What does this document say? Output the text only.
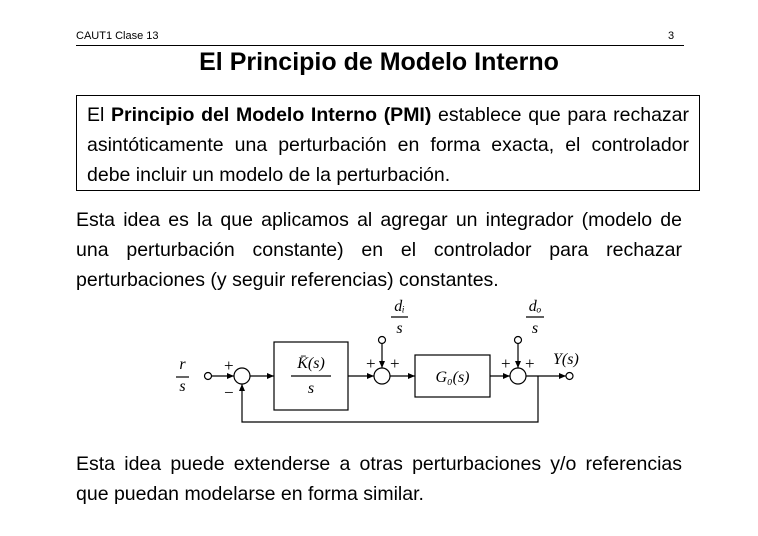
CAUT1 Clase 13	3
El Principio de Modelo Interno
El Principio del Modelo Interno (PMI) establece que para rechazar asintóticamente una perturbación en forma exacta, el controlador debe incluir un modelo de la perturbación.
Esta idea es la que aplicamos al agregar un integrador (modelo de una perturbación constante) en el controlador para rechazar perturbaciones (y seguir referencias) constantes.
r
s
K̄(s)
s
G₀(s)
dᵢ
s
dₒ
s
Y(s)
+
−
+ +	+ +
Esta idea puede extenderse a otras perturbaciones y/o referencias que puedan modelarse en forma similar.
